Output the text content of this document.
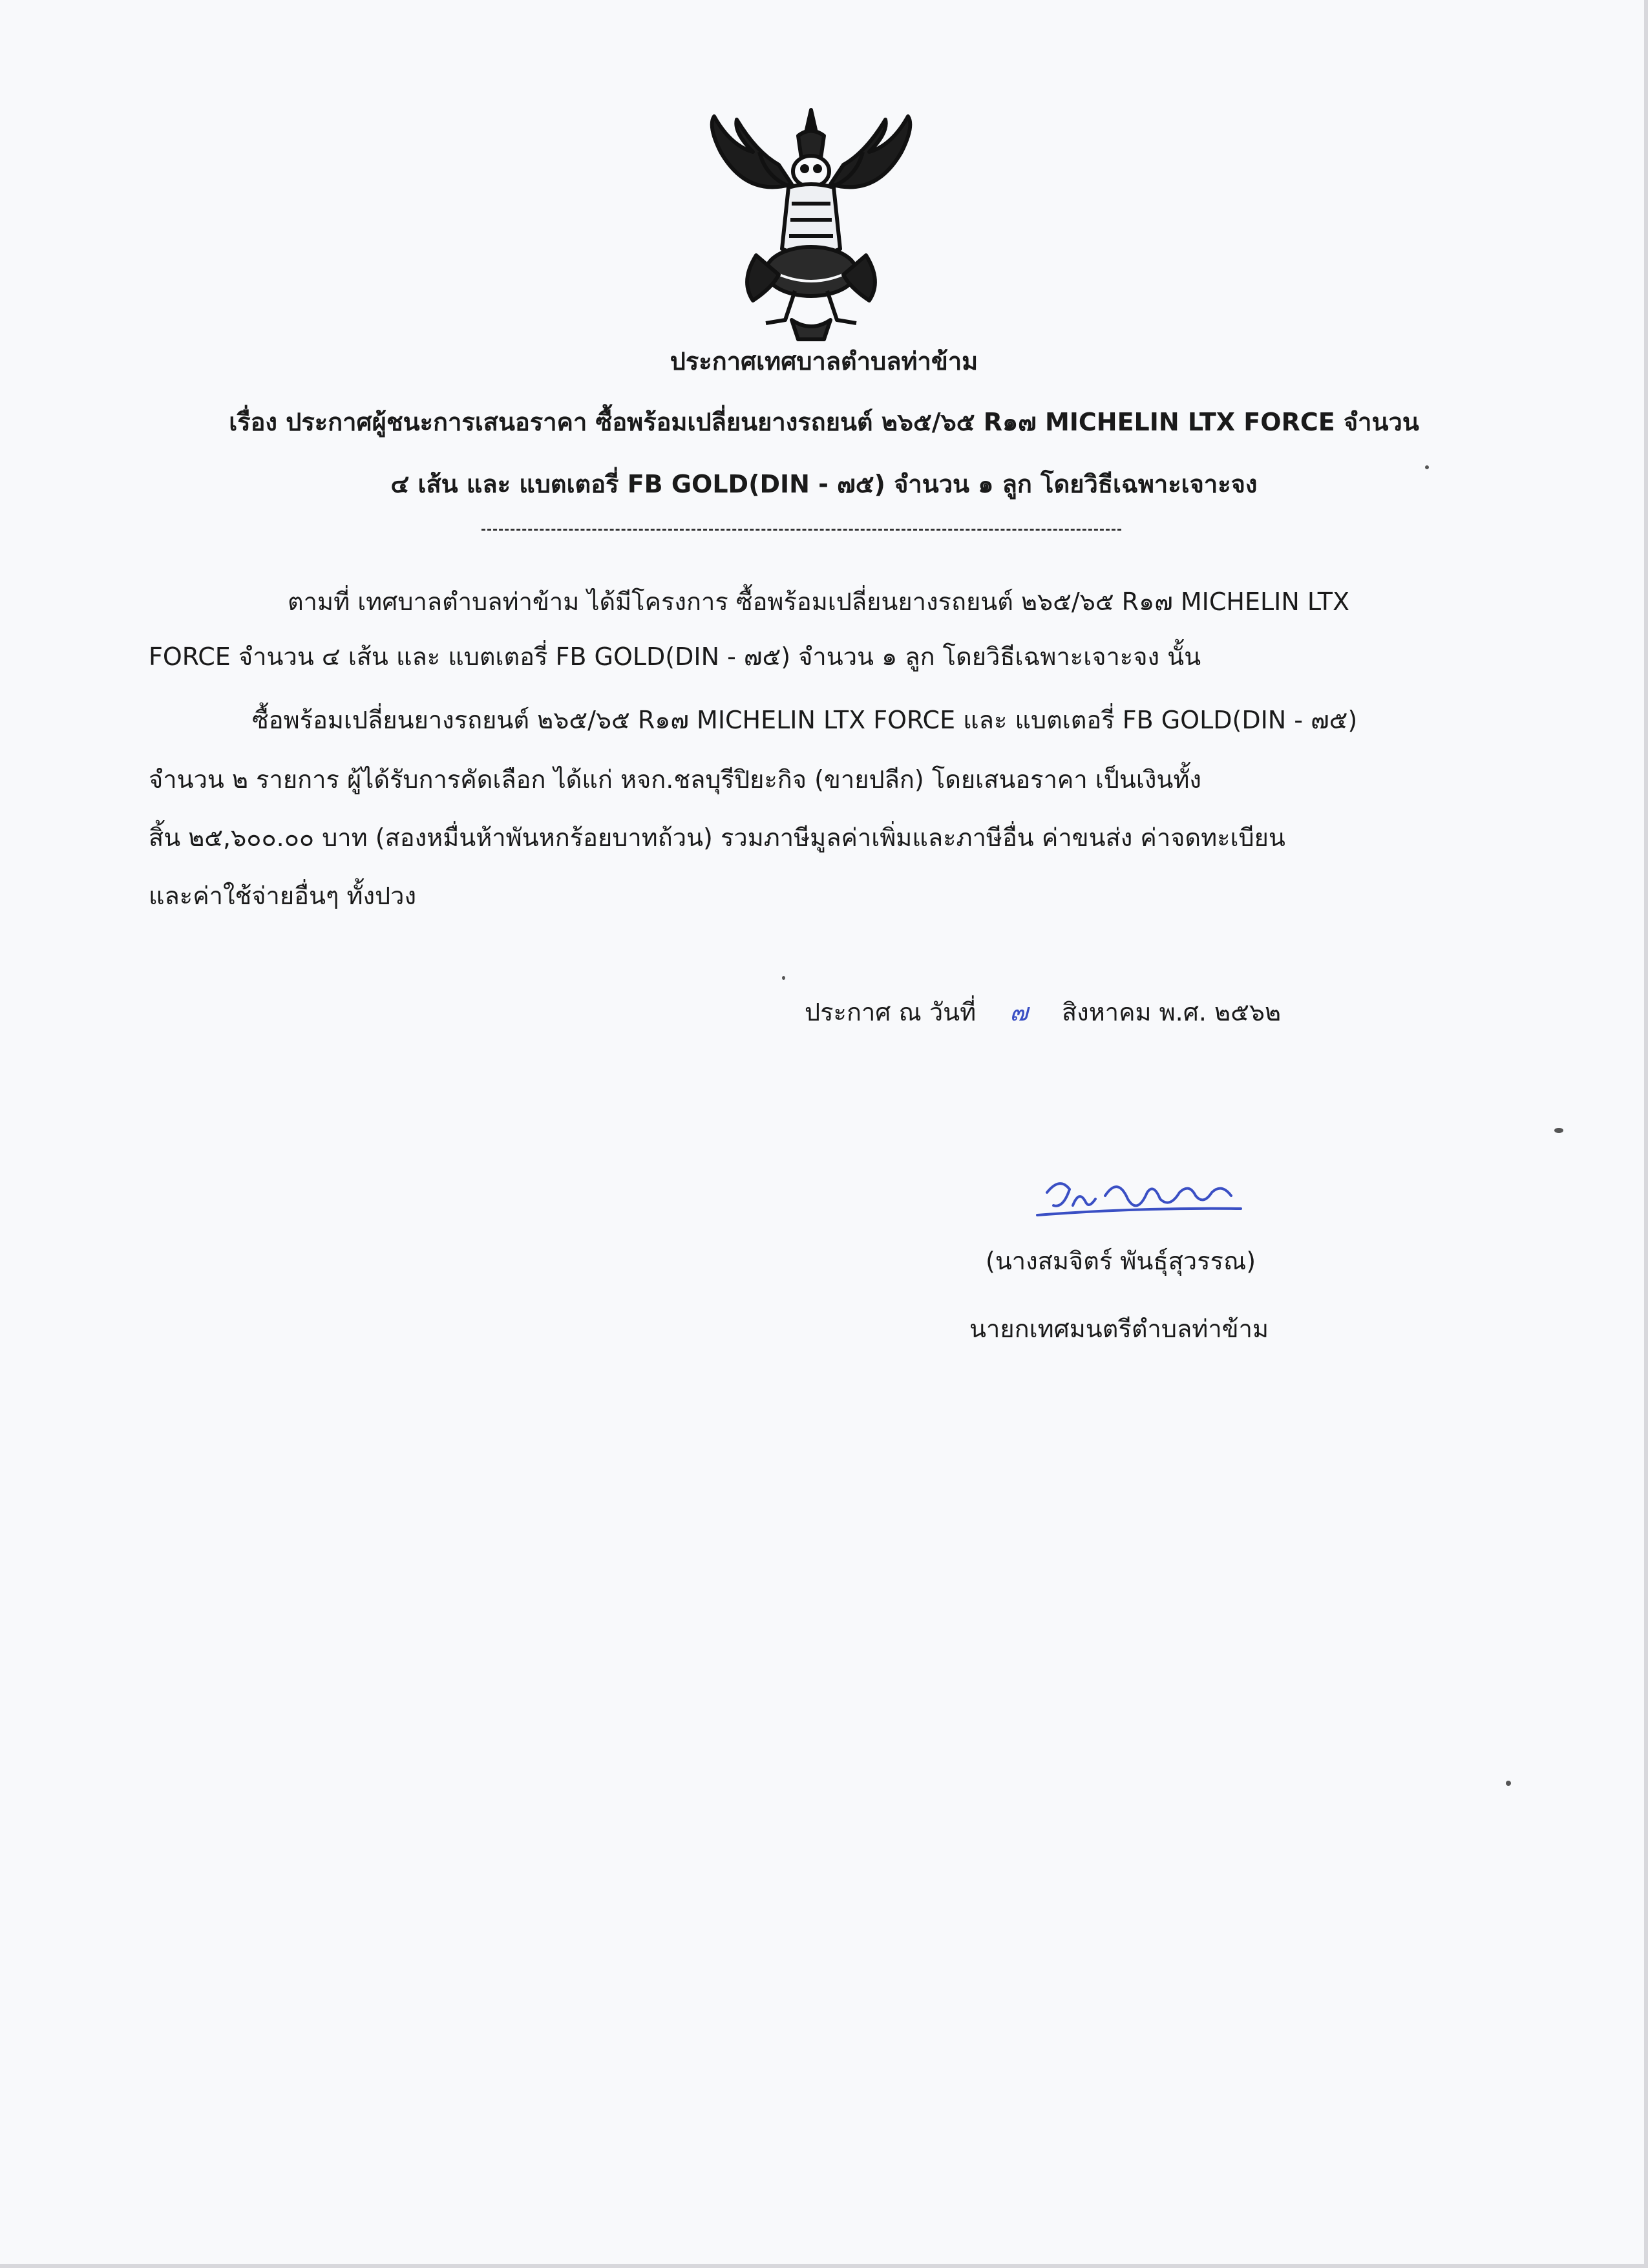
ประกาศเทศบาลตำบลท่าข้าม
เรื่อง ประกาศผู้ชนะการเสนอราคา ซื้อพร้อมเปลี่ยนยางรถยนต์ ๒๖๕/๖๕ R๑๗ MICHELIN LTX FORCE จำนวน
๔ เส้น และ แบตเตอรี่ FB GOLD(DIN - ๗๕) จำนวน ๑ ลูก โดยวิธีเฉพาะเจาะจง
ตามที่ เทศบาลตำบลท่าข้าม ได้มีโครงการ ซื้อพร้อมเปลี่ยนยางรถยนต์ ๒๖๕/๖๕ R๑๗ MICHELIN LTX
FORCE จำนวน ๔ เส้น และ แบตเตอรี่ FB GOLD(DIN - ๗๕) จำนวน ๑ ลูก โดยวิธีเฉพาะเจาะจง นั้น
ซื้อพร้อมเปลี่ยนยางรถยนต์ ๒๖๕/๖๕ R๑๗ MICHELIN LTX FORCE และ แบตเตอรี่ FB GOLD(DIN - ๗๕)
จำนวน ๒ รายการ ผู้ได้รับการคัดเลือก ได้แก่ หจก.ชลบุรีปิยะกิจ (ขายปลีก) โดยเสนอราคา เป็นเงินทั้ง
สิ้น ๒๕,๖๐๐.๐๐ บาท (สองหมื่นห้าพันหกร้อยบาทถ้วน) รวมภาษีมูลค่าเพิ่มและภาษีอื่น ค่าขนส่ง ค่าจดทะเบียน
และค่าใช้จ่ายอื่นๆ ทั้งปวง
ประกาศ ณ วันที่ ๗ สิงหาคม พ.ศ. ๒๕๖๒
(นางสมจิตร์ พันธุ์สุวรรณ)
นายกเทศมนตรีตำบลท่าข้าม
